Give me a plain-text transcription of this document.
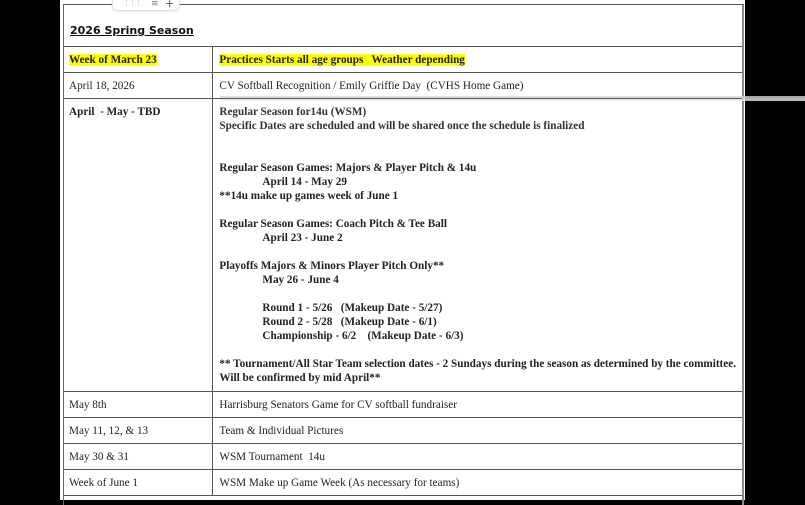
⋮⋮⋮ ≡ +
2026 Spring Season
Week of March 23	Practices Starts all age groups   Weather depending
April 18, 2026	CV Softball Recognition / Emily Griffie Day  (CVHS Home Game)
April  - May - TBD	Regular Season for14u (WSM)
Specific Dates are scheduled and will be shared once the schedule is finalized
Regular Season Games: Majors & Player Pitch & 14u
April 14 - May 29
**14u make up games week of June 1
Regular Season Games: Coach Pitch & Tee Ball
April 23 - June 2
Playoffs Majors & Minors Player Pitch Only**
May 26 - June 4
Round 1 - 5/26   (Makeup Date - 5/27)
Round 2 - 5/28   (Makeup Date - 6/1)
Championship - 6/2    (Makeup Date - 6/3)
** Tournament/All Star Team selection dates - 2 Sundays during the season as determined by the committee.
Will be confirmed by mid April**

May 8th	Harrisburg Senators Game for CV softball fundraiser
May 11, 12, & 13	Team & Individual Pictures
May 30 & 31	WSM Tournament  14u
Week of June 1	WSM Make up Game Week (As necessary for teams)
